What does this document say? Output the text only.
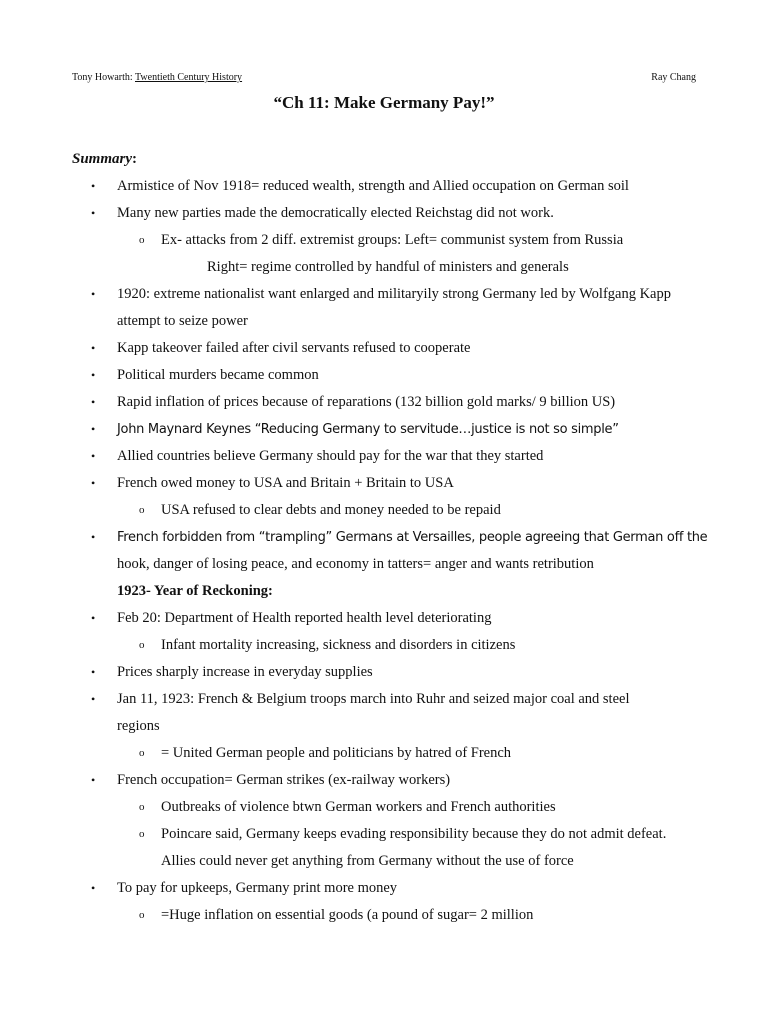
Tony Howarth: Twentieth Century History	Ray Chang
“Ch 11: Make Germany Pay!”
Summary:
• Armistice of Nov 1918= reduced wealth, strength and Allied occupation on German soil
• Many new parties made the democratically elected Reichstag did not work.
o Ex- attacks from 2 diff. extremist groups: Left= communist system from Russia
Right= regime controlled by handful of ministers and generals
• 1920: extreme nationalist want enlarged and militaryily strong Germany led by Wolfgang Kapp
attempt to seize power
• Kapp takeover failed after civil servants refused to cooperate
• Political murders became common
• Rapid inflation of prices because of reparations (132 billion gold marks/ 9 billion US)
• John Maynard Keynes “Reducing Germany to servitude…justice is not so simple”
• Allied countries believe Germany should pay for the war that they started
• French owed money to USA and Britain + Britain to USA
o USA refused to clear debts and money needed to be repaid
• French forbidden from “trampling” Germans at Versailles, people agreeing that German off the
hook, danger of losing peace, and economy in tatters= anger and wants retribution
1923- Year of Reckoning:
• Feb 20: Department of Health reported health level deteriorating
o Infant mortality increasing, sickness and disorders in citizens
• Prices sharply increase in everyday supplies
• Jan 11, 1923: French & Belgium troops march into Ruhr and seized major coal and steel
regions
o = United German people and politicians by hatred of French
• French occupation= German strikes (ex-railway workers)
o Outbreaks of violence btwn German workers and French authorities
o Poincare said, Germany keeps evading responsibility because they do not admit defeat.
Allies could never get anything from Germany without the use of force
• To pay for upkeeps, Germany print more money
o =Huge inflation on essential goods (a pound of sugar= 2 million
